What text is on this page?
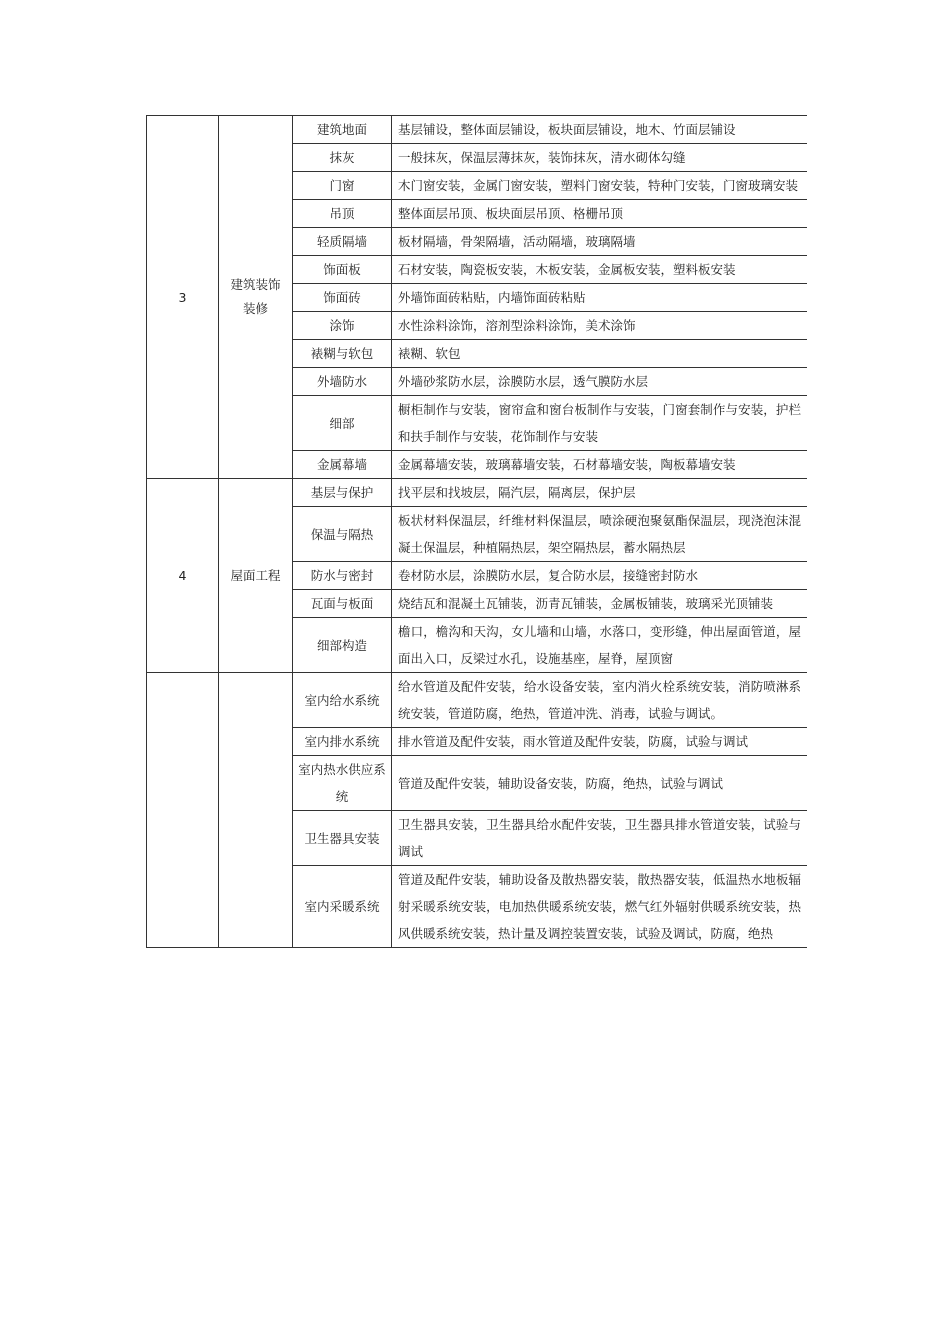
3	建筑装饰装修	建筑地面	基层铺设，整体面层铺设，板块面层铺设，地木、竹面层铺设
		抹灰	一般抹灰，保温层薄抹灰，装饰抹灰，清水砌体勾缝
		门窗	木门窗安装，金属门窗安装，塑料门窗安装，特种门安装，门窗玻璃安装
		吊顶	整体面层吊顶、板块面层吊顶、格栅吊顶
		轻质隔墙	板材隔墙，骨架隔墙，活动隔墙，玻璃隔墙
		饰面板	石材安装，陶瓷板安装，木板安装，金属板安装，塑料板安装
		饰面砖	外墙饰面砖粘贴，内墙饰面砖粘贴
		涂饰	水性涂料涂饰，溶剂型涂料涂饰，美术涂饰
		裱糊与软包	裱糊、软包
		外墙防水	外墙砂浆防水层，涂膜防水层，透气膜防水层
		细部	橱柜制作与安装，窗帘盒和窗台板制作与安装，门窗套制作与安装，护栏和扶手制作与安装，花饰制作与安装
		金属幕墙	金属幕墙安装，玻璃幕墙安装，石材幕墙安装，陶板幕墙安装
4	屋面工程	基层与保护	找平层和找坡层，隔汽层，隔离层，保护层
		保温与隔热	板状材料保温层，纤维材料保温层，喷涂硬泡聚氨酯保温层，现浇泡沫混凝土保温层，种植隔热层，架空隔热层，蓄水隔热层
		防水与密封	卷材防水层，涂膜防水层，复合防水层，接缝密封防水
		瓦面与板面	烧结瓦和混凝土瓦铺装，沥青瓦铺装，金属板铺装，玻璃采光顶铺装
		细部构造	檐口，檐沟和天沟，女儿墙和山墙，水落口，变形缝，伸出屋面管道，屋面出入口，反梁过水孔，设施基座，屋脊，屋顶窗
		室内给水系统	给水管道及配件安装，给水设备安装，室内消火栓系统安装，消防喷淋系统安装，管道防腐，绝热，管道冲洗、消毒，试验与调试。
		室内排水系统	排水管道及配件安装，雨水管道及配件安装，防腐，试验与调试
		室内热水供应系统	管道及配件安装，辅助设备安装，防腐，绝热，试验与调试
		卫生器具安装	卫生器具安装，卫生器具给水配件安装，卫生器具排水管道安装，试验与调试
		室内采暖系统	管道及配件安装，辅助设备及散热器安装，散热器安装，低温热水地板辐射采暖系统安装，电加热供暖系统安装，燃气红外辐射供暖系统安装，热风供暖系统安装，热计量及调控装置安装，试验及调试，防腐，绝热
